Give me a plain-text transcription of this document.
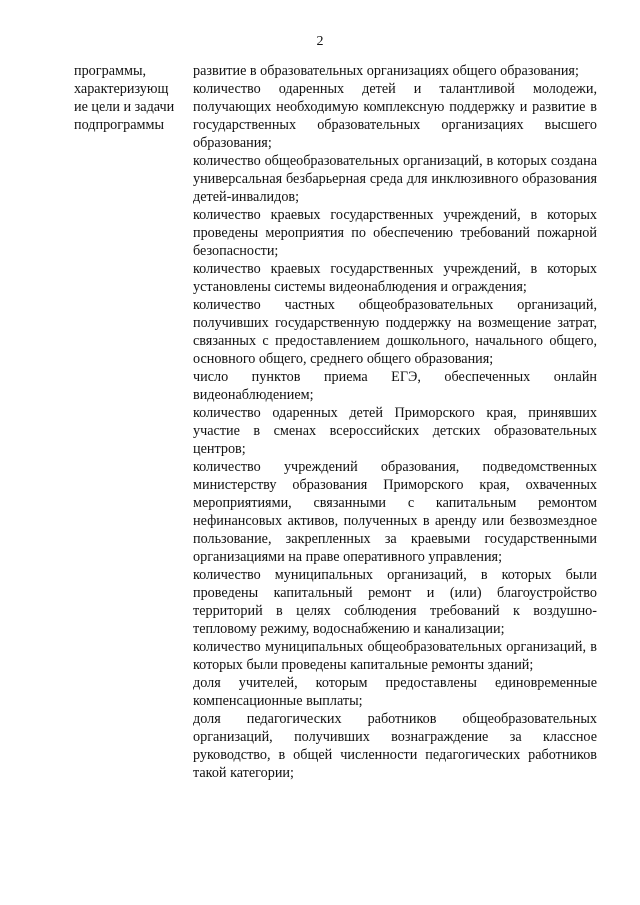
2
программы,
характеризующ
ие цели и задачи
подпрограммы

развитие в образовательных организациях общего образования;

количество одаренных детей и талантливой молодежи, получающих необходимую комплексную поддержку и развитие в государственных образовательных организациях высшего образования;

количество общеобразовательных организаций, в которых создана универсальная безбарьерная среда для инклюзивного образования детей-инвалидов;

количество краевых государственных учреждений, в которых проведены мероприятия по обеспечению требований пожарной безопасности;

количество краевых государственных учреждений, в которых установлены системы видеонаблюдения и ограждения;

количество частных общеобразовательных организаций, получивших государственную поддержку на возмещение затрат, связанных с предоставлением дошкольного, начального общего, основного общего, среднего общего образования;

число пунктов приема ЕГЭ, обеспеченных онлайн видеонаблюдением;

количество одаренных детей Приморского края, принявших участие в сменах всероссийских детских образовательных центров;

количество учреждений образования, подведомственных министерству образования Приморского края, охваченных мероприятиями, связанными с капитальным ремонтом нефинансовых активов, полученных в аренду или безвозмездное пользование, закрепленных за краевыми государственными организациями на праве оперативного управления;

количество муниципальных организаций, в которых были проведены капитальный ремонт и (или) благоустройство территорий в целях соблюдения требований к воздушно-тепловому режиму, водоснабжению и канализации;

количество муниципальных общеобразовательных организаций, в которых были проведены капитальные ремонты зданий;

доля учителей, которым предоставлены единовременные компенсационные выплаты;

доля педагогических работников общеобразовательных организаций, получивших вознаграждение за классное руководство, в общей численности педагогических работников такой категории;
